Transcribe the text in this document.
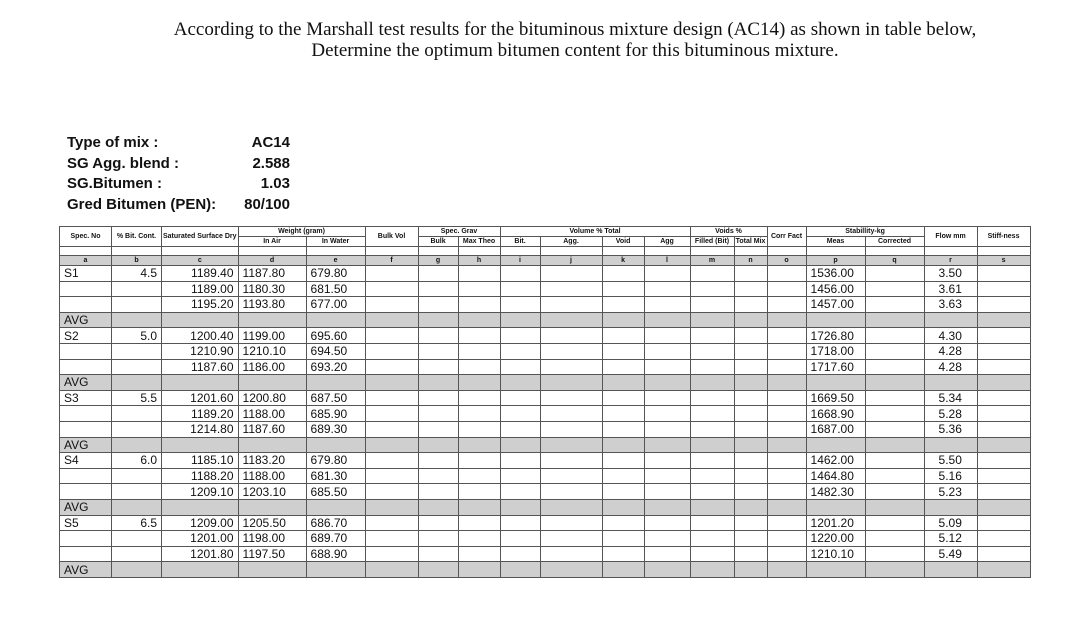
According to the Marshall test results for the bituminous mixture design (AC14) as shown in table below,
Determine the optimum bitumen content for this bituminous mixture.
Type of mix :	AC14
SG Agg. blend :	2.588
SG.Bitumen :	1.03
Gred Bitumen (PEN):	80/100
Spec. No	% Bit. Cont.	Saturated Surface Dry	Weight (gram)		Bulk Vol	Spec. Grav		Volume % Total				Voids %		Corr Fact	Stabillity-kg		Flow mm	Stiff-ness
			In Air	In Water		Bulk	Max Theo	Bit.	Agg.	Void	Agg	Filled (Bit)	Total Mix		Meas	Corrected		

a	b	c	d	e	f	g	h	i	j	k	l	m	n	o	p	q	r	s
S1	4.5	1189.40	1187.80	679.80											1536.00		3.50	
		1189.00	1180.30	681.50											1456.00		3.61	
		1195.20	1193.80	677.00											1457.00		3.63	
AVG																		
S2	5.0	1200.40	1199.00	695.60											1726.80		4.30	
		1210.90	1210.10	694.50											1718.00		4.28	
		1187.60	1186.00	693.20											1717.60		4.28	
AVG																		
S3	5.5	1201.60	1200.80	687.50											1669.50		5.34	
		1189.20	1188.00	685.90											1668.90		5.28	
		1214.80	1187.60	689.30											1687.00		5.36	
AVG																		
S4	6.0	1185.10	1183.20	679.80											1462.00		5.50	
		1188.20	1188.00	681.30											1464.80		5.16	
		1209.10	1203.10	685.50											1482.30		5.23	
AVG																		
S5	6.5	1209.00	1205.50	686.70											1201.20		5.09	
		1201.00	1198.00	689.70											1220.00		5.12	
		1201.80	1197.50	688.90											1210.10		5.49	
AVG																		
